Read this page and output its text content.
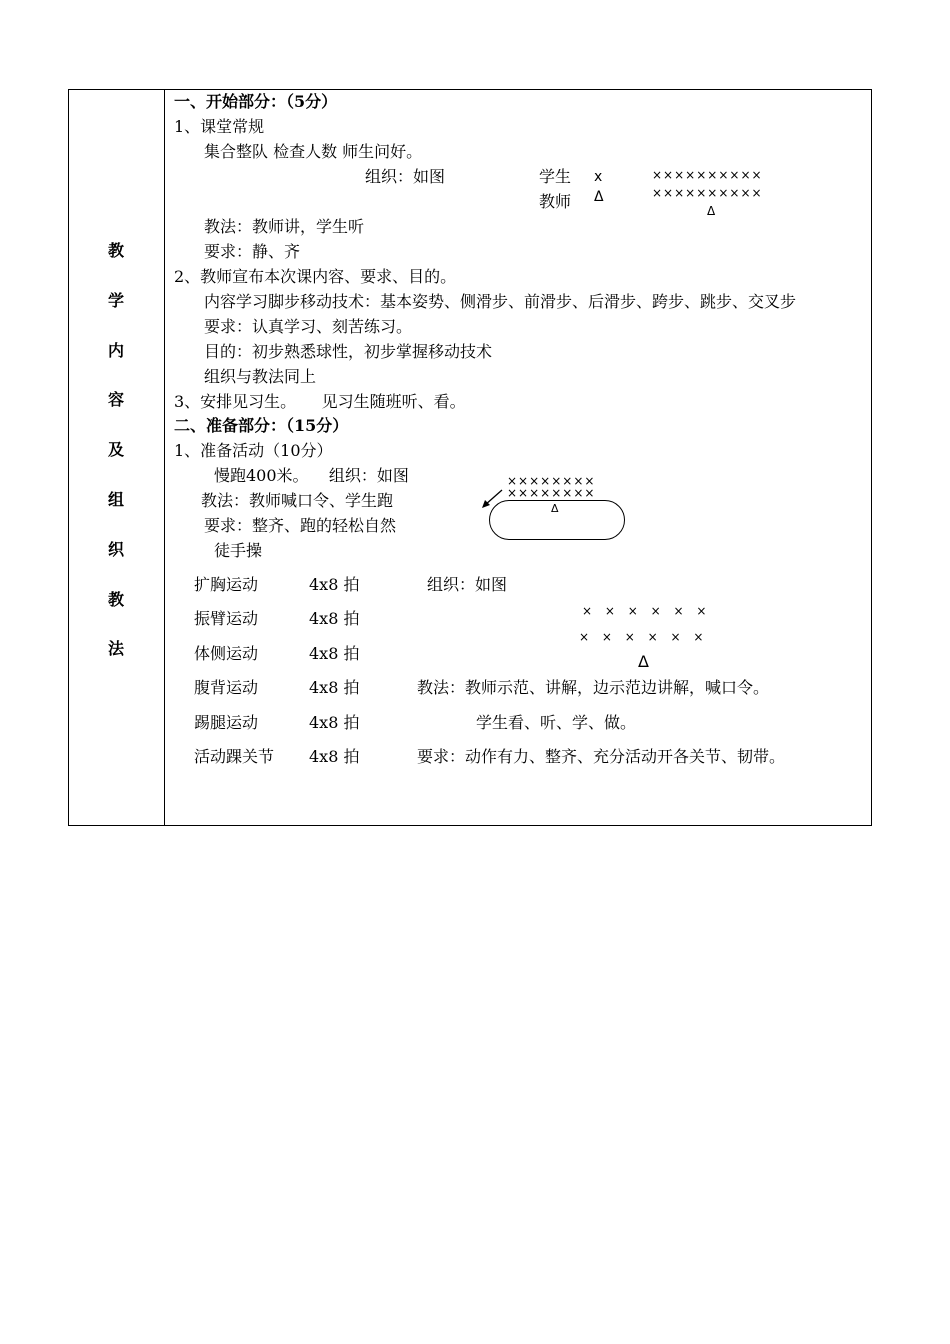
教
学
内
容
及
组
织
教
法
一、开始部分：（5分）
1、课堂常规
集合整队 检查人数 师生问好。
组织：如图	学生 x
教师 Δ
××××××××××
××××××××××
Δ
教法：教师讲，学生听
要求：静、齐
2、教师宣布本次课内容、要求、目的。
内容学习脚步移动技术：基本姿势、侧滑步、前滑步、后滑步、跨步、跳步、交叉步
要求：认真学习、刻苦练习。
目的：初步熟悉球性，初步掌握移动技术
组织与教法同上
3、安排见习生。     见习生随班听、看。
二、准备部分：（15分）
1、准备活动（10分）
慢跑400米。    组织：如图
教法：教师喊口令、学生跑
要求：整齐、跑的轻松自然
徒手操
××××××××
××××××××
Δ
扩胸运动	4x8 拍
振臂运动	4x8 拍
体侧运动	4x8 拍
腹背运动	4x8 拍
踢腿运动	4x8 拍
活动踝关节 4x8 拍
组织：如图
× × × × × ×
× × × × × ×
Δ
教法：教师示范、讲解，边示范边讲解，喊口令。
学生看、听、学、做。
要求：动作有力、整齐、充分活动开各关节、韧带。
